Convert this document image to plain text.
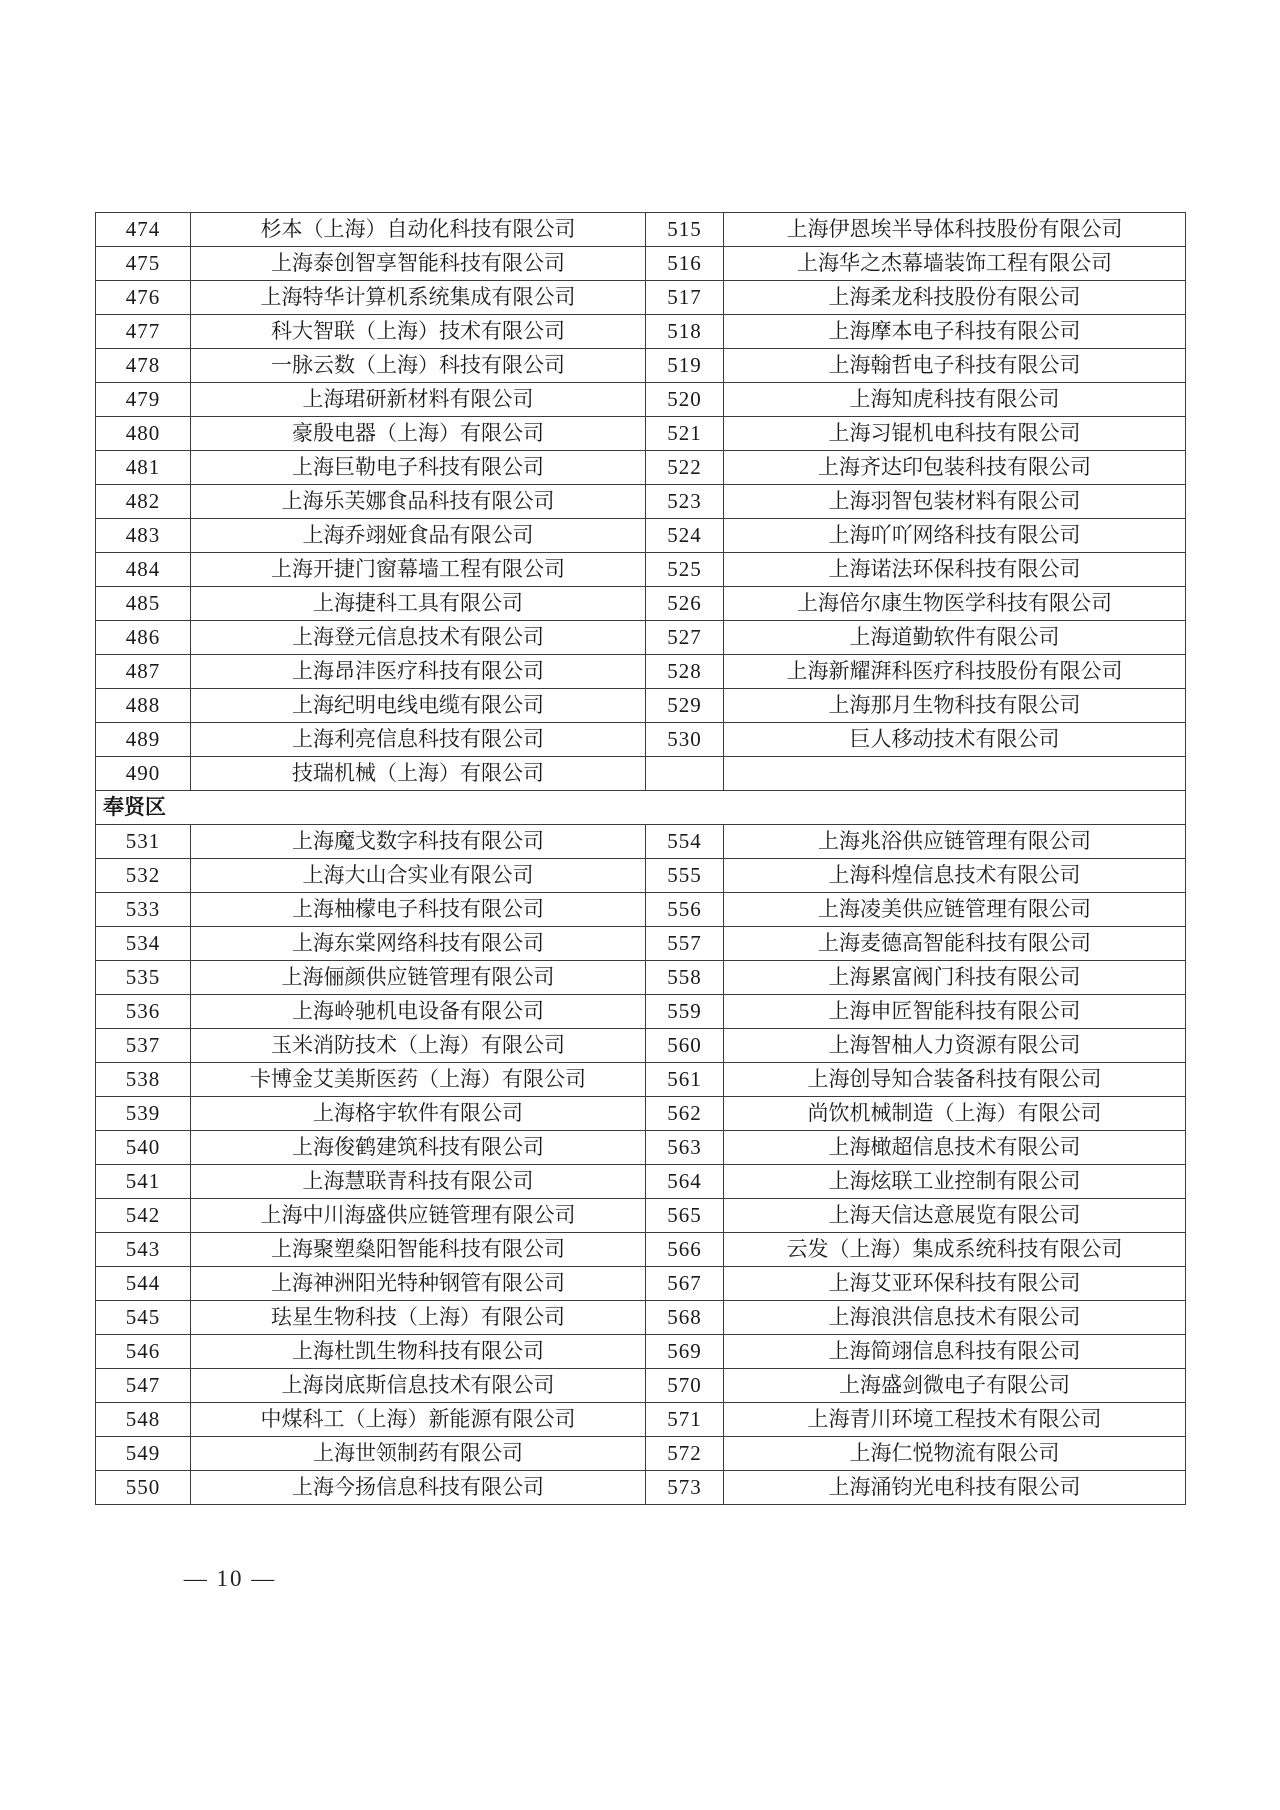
474	杉本（上海）自动化科技有限公司	515	上海伊恩埃半导体科技股份有限公司
475	上海泰创智享智能科技有限公司	516	上海华之杰幕墙装饰工程有限公司
476	上海特华计算机系统集成有限公司	517	上海柔龙科技股份有限公司
477	科大智联（上海）技术有限公司	518	上海摩本电子科技有限公司
478	一脉云数（上海）科技有限公司	519	上海翰哲电子科技有限公司
479	上海珺研新材料有限公司	520	上海知虎科技有限公司
480	豪殷电器（上海）有限公司	521	上海习锟机电科技有限公司
481	上海巨勒电子科技有限公司	522	上海齐达印包装科技有限公司
482	上海乐芙娜食品科技有限公司	523	上海羽智包装材料有限公司
483	上海乔翊娅食品有限公司	524	上海吖吖网络科技有限公司
484	上海开捷门窗幕墙工程有限公司	525	上海诺法环保科技有限公司
485	上海捷科工具有限公司	526	上海倍尔康生物医学科技有限公司
486	上海登元信息技术有限公司	527	上海道勤软件有限公司
487	上海昂沣医疗科技有限公司	528	上海新耀湃科医疗科技股份有限公司
488	上海纪明电线电缆有限公司	529	上海那月生物科技有限公司
489	上海利亮信息科技有限公司	530	巨人移动技术有限公司
490	技瑞机械（上海）有限公司		
奉贤区			
531	上海魔戈数字科技有限公司	554	上海兆浴供应链管理有限公司
532	上海大山合实业有限公司	555	上海科煌信息技术有限公司
533	上海柚檬电子科技有限公司	556	上海凌美供应链管理有限公司
534	上海东棠网络科技有限公司	557	上海麦德高智能科技有限公司
535	上海俪颜供应链管理有限公司	558	上海累富阀门科技有限公司
536	上海岭驰机电设备有限公司	559	上海申匠智能科技有限公司
537	玉米消防技术（上海）有限公司	560	上海智柚人力资源有限公司
538	卡博金艾美斯医药（上海）有限公司	561	上海创导知合装备科技有限公司
539	上海格宇软件有限公司	562	尚饮机械制造（上海）有限公司
540	上海俊鹤建筑科技有限公司	563	上海橄超信息技术有限公司
541	上海慧联青科技有限公司	564	上海炫联工业控制有限公司
542	上海中川海盛供应链管理有限公司	565	上海天信达意展览有限公司
543	上海聚塑燊阳智能科技有限公司	566	云发（上海）集成系统科技有限公司
544	上海神洲阳光特种钢管有限公司	567	上海艾亚环保科技有限公司
545	珐星生物科技（上海）有限公司	568	上海浪洪信息技术有限公司
546	上海杜凯生物科技有限公司	569	上海简翊信息科技有限公司
547	上海岗底斯信息技术有限公司	570	上海盛剑微电子有限公司
548	中煤科工（上海）新能源有限公司	571	上海青川环境工程技术有限公司
549	上海世领制药有限公司	572	上海仁悦物流有限公司
550	上海今扬信息科技有限公司	573	上海涌钧光电科技有限公司
— 10 —
